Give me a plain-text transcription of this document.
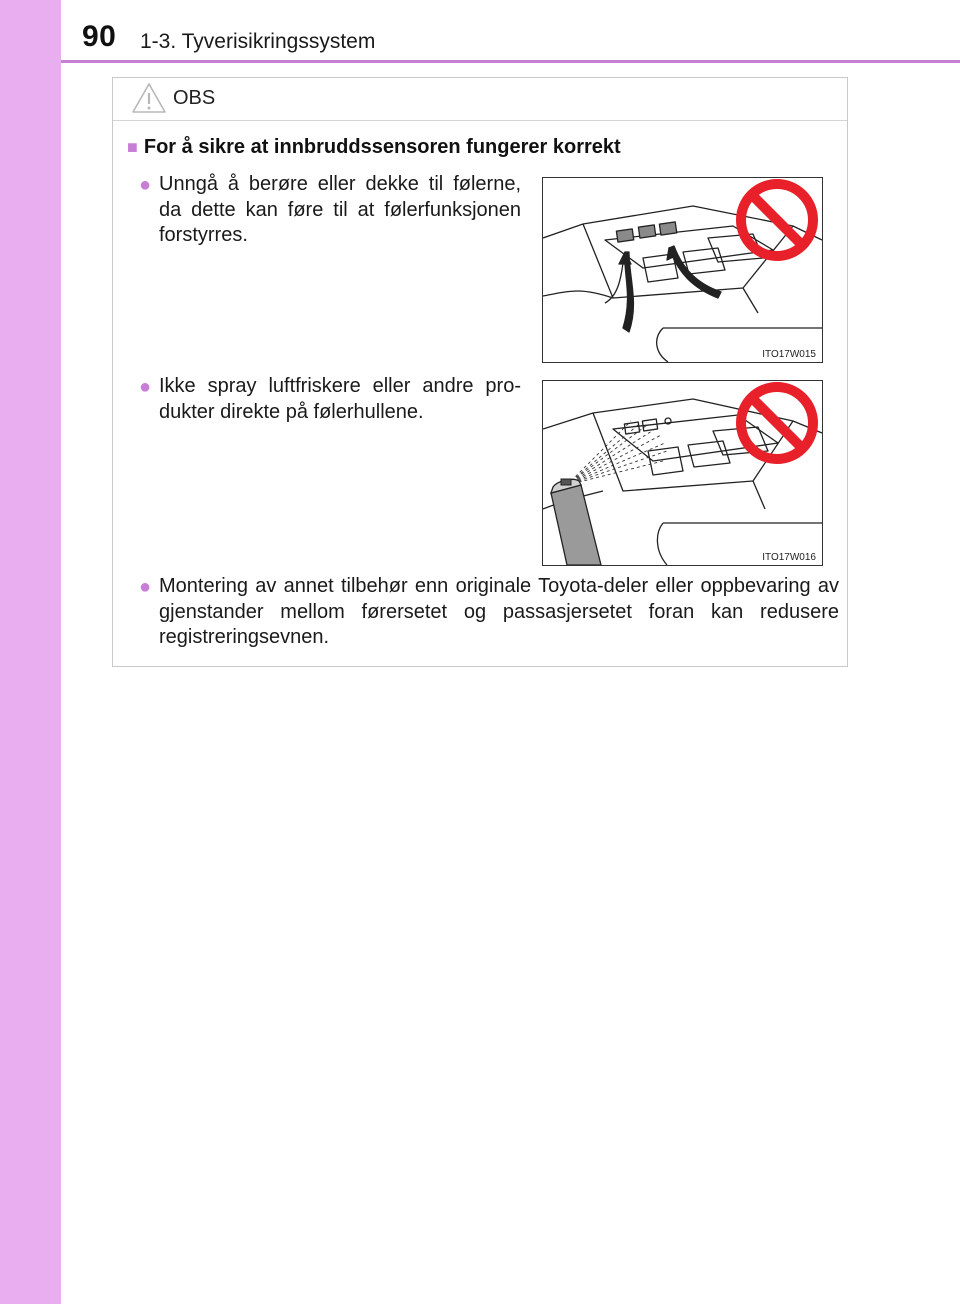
90 1-3. Tyverisikringssystem
OBS
■ For å sikre at innbruddssensoren fungerer korrekt
● Unngå å berøre eller dekke til følerne, da dette kan føre til at følerfunksjonen forstyrres.
● Ikke spray luftfriskere eller andre pro-dukter direkte på følerhullene.
● Montering av annet tilbehør enn originale Toyota-deler eller oppbevaring av gjenstander mellom førersetet og passasjersetet foran kan redusere registreringsevnen.
ITO17W015
ITO17W016
